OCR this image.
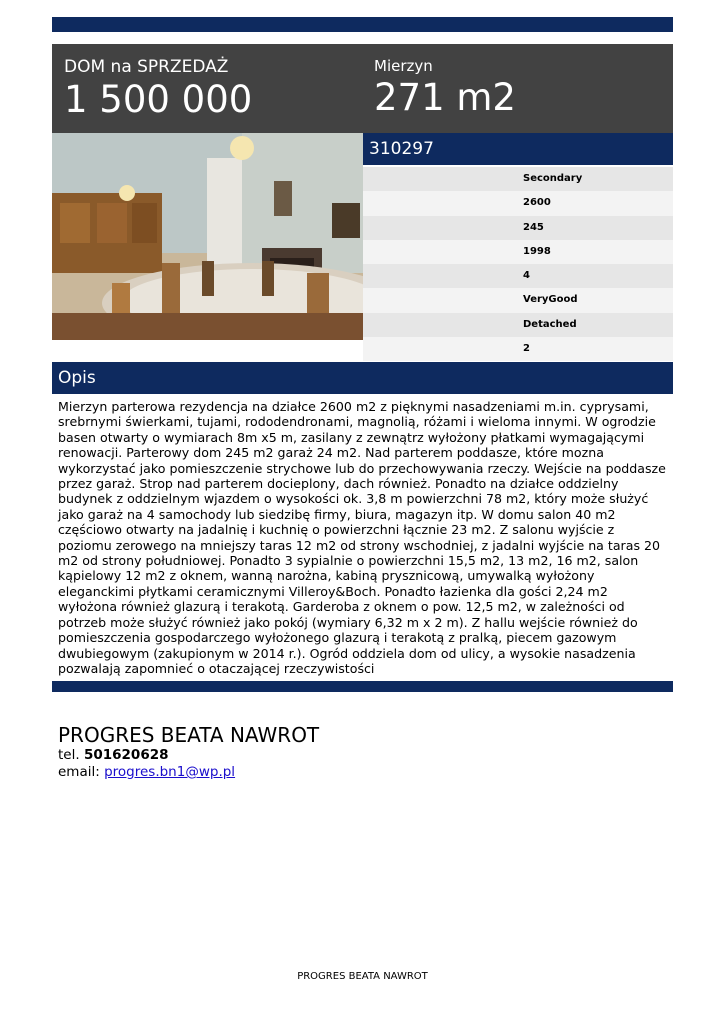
DOM na SPRZEDAŻ
1 500 000
Mierzyn
271 m2
310297
Secondary
2600
245
1998
4
VeryGood
Detached
2
Opis
Mierzyn parterowa rezydencja na działce 2600 m2 z pięknymi nasadzeniami m.in. cyprysami, srebrnymi świerkami, tujami, rododendronami, magnolią, różami i wieloma innymi. W ogrodzie basen otwarty o wymiarach 8m x5 m, zasilany z zewnątrz wyłożony płatkami wymagającymi renowacji. Parterowy dom 245 m2 garaż 24 m2. Nad parterem poddasze, które mozna wykorzystać jako pomieszczenie strychowe lub do przechowywania rzeczy. Wejście na poddasze przez garaż. Strop nad parterem docieplony, dach również. Ponadto na działce oddzielny budynek z oddzielnym wjazdem o wysokości ok. 3,8 m powierzchni 78 m2, który może służyć jako garaż na 4 samochody lub siedzibę firmy, biura, magazyn itp. W domu salon 40 m2 częściowo otwarty na jadalnię i kuchnię o powierzchni łącznie 23 m2. Z salonu wyjście z poziomu zerowego na mniejszy taras 12 m2 od strony wschodniej, z jadalni wyjście na taras 20 m2 od strony południowej. Ponadto 3 sypialnie o powierzchni 15,5 m2, 13 m2, 16 m2, salon kąpielowy 12 m2 z oknem, wanną narożna, kabiną prysznicową, umywalką wyłożony eleganckimi płytkami ceramicznymi Villeroy&Boch. Ponadto łazienka dla gości 2,24 m2 wyłożona również glazurą i terakotą. Garderoba z oknem o pow. 12,5 m2, w zależności od potrzeb może służyć również jako pokój (wymiary 6,32 m x 2 m). Z hallu wejście również do pomieszczenia gospodarczego wyłożonego glazurą i terakotą z pralką, piecem gazowym dwubiegowym (zakupionym w 2014 r.). Ogród oddziela dom od ulicy, a wysokie nasadzenia pozwalają zapomnieć o otaczającej rzeczywistości
PROGRES BEATA NAWROT
tel. 501620628
email: progres.bn1@wp.pl
PROGRES BEATA NAWROT
